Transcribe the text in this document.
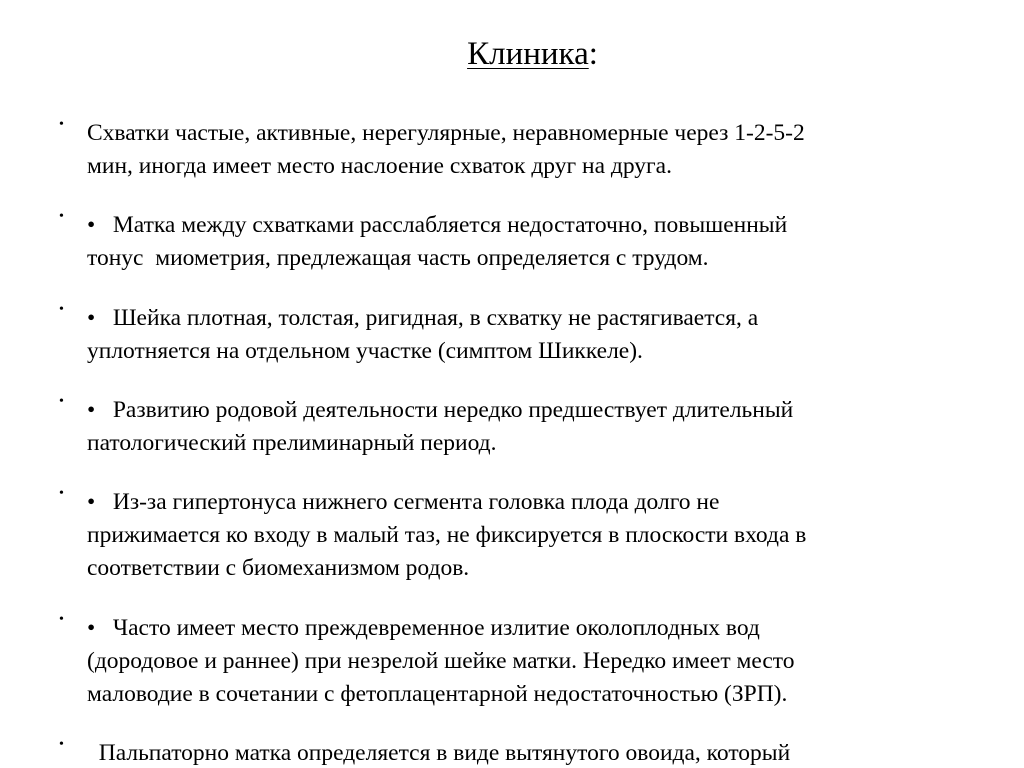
Клиника:
• Схватки частые, активные, нерегулярные, неравномерные через 1-2-5-2
мин, иногда имеет место наслоение схваток друг на друга.
• •   Матка между схватками расслабляется недостаточно, повышенный
тонус  миометрия, предлежащая часть определяется с трудом.
• •   Шейка плотная, толстая, ригидная, в схватку не растягивается, а
уплотняется на отдельном участке (симптом Шиккеле).
• •   Развитию родовой деятельности нередко предшествует длительный
патологический прелиминарный период.
• •   Из-за гипертонуса нижнего сегмента головка плода долго не
прижимается ко входу в малый таз, не фиксируется в плоскости входа в
соответствии с биомеханизмом родов.
• •   Часто имеет место преждевременное излитие околоплодных вод
(дородовое и раннее) при незрелой шейке матки. Нередко имеет место
маловодие в сочетании с фетоплацентарной недостаточностью (ЗРП).
• Пальпаторно матка определяется в виде вытянутого овоида, который
